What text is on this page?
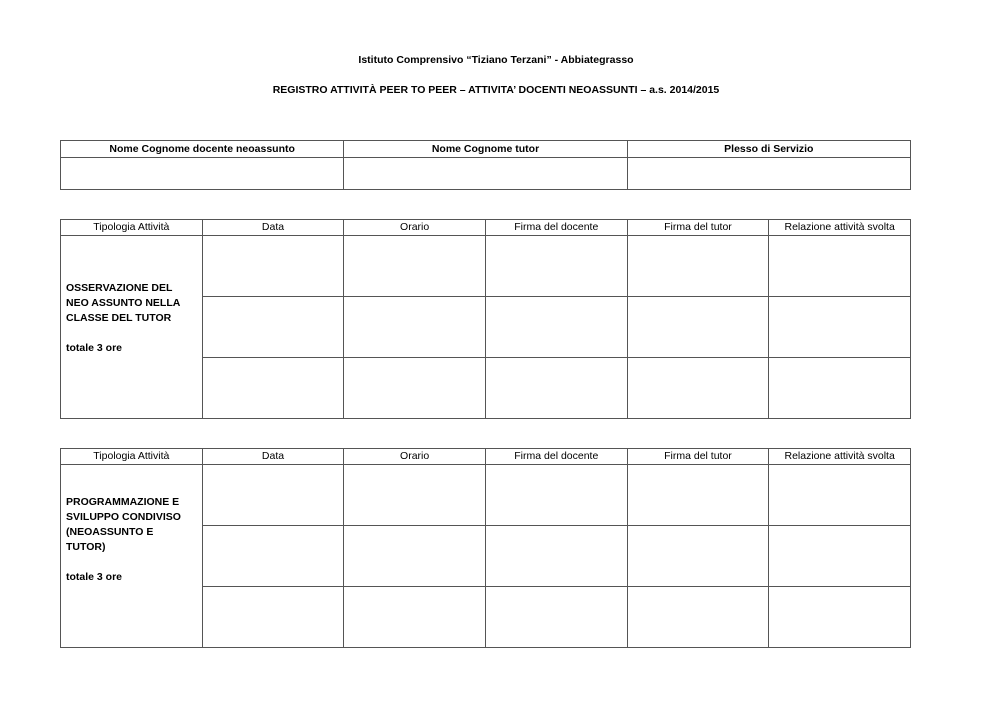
Istituto Comprensivo “Tiziano Terzani” - Abbiategrasso
REGISTRO ATTIVITÀ PEER TO PEER – ATTIVITA’ DOCENTI NEOASSUNTI – a.s. 2014/2015
Nome Cognome docente neoassunto	Nome Cognome tutor	Plesso di Servizio

Tipologia Attività	Data	Orario	Firma del docente	Firma del tutor	Relazione attività svolta

OSSERVAZIONE DEL
NEO ASSUNTO NELLA
CLASSE DEL TUTOR
totale 3 ore					

Tipologia Attività	Data	Orario	Firma del docente	Firma del tutor	Relazione attività svolta

PROGRAMMAZIONE E
SVILUPPO CONDIVISO
(NEOASSUNTO E
TUTOR)
totale 3 ore					
